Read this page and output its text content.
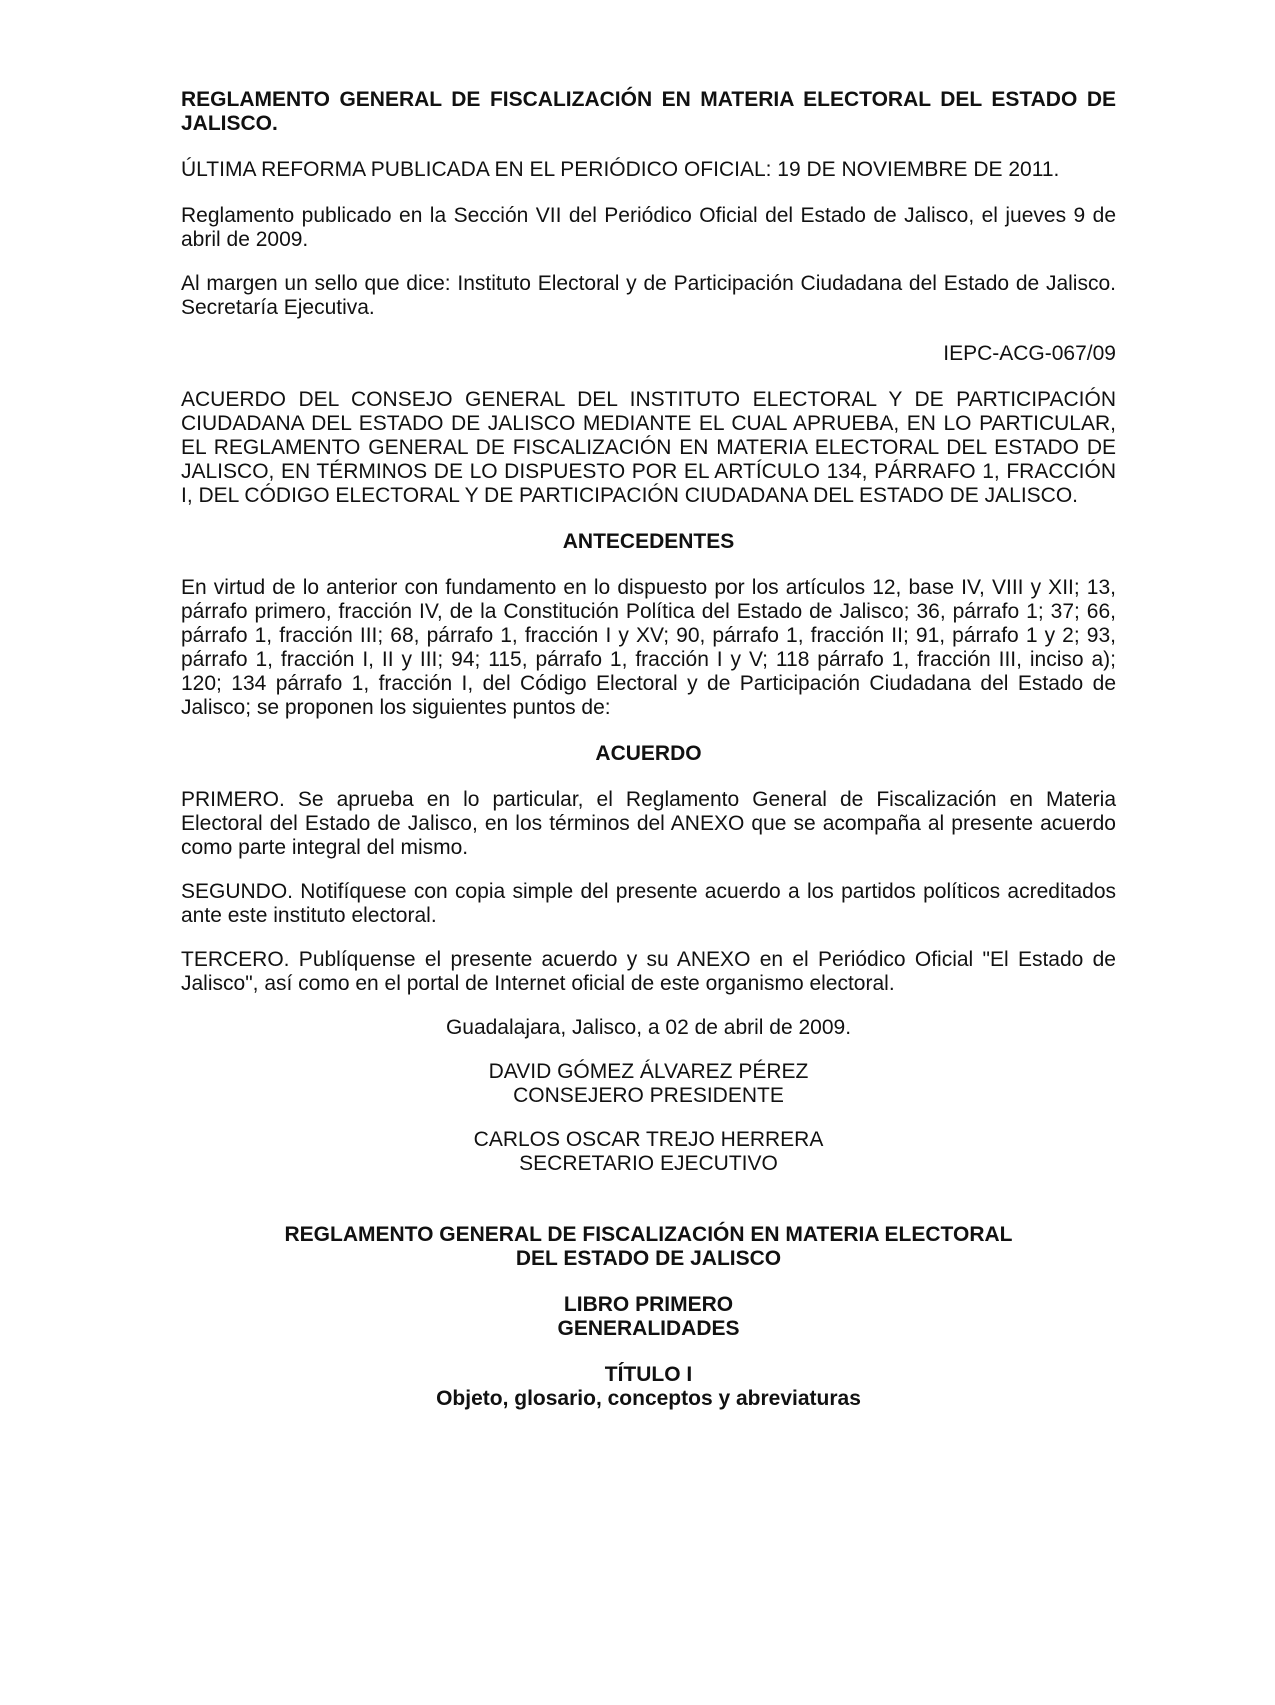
REGLAMENTO GENERAL DE FISCALIZACIÓN EN MATERIA ELECTORAL DEL ESTADO DE JALISCO.

ÚLTIMA REFORMA PUBLICADA EN EL PERIÓDICO OFICIAL: 19 DE NOVIEMBRE DE 2011.

Reglamento publicado en la Sección VII del Periódico Oficial del Estado de Jalisco, el jueves 9 de abril de 2009.

Al margen un sello que dice: Instituto Electoral y de Participación Ciudadana del Estado de Jalisco. Secretaría Ejecutiva.

IEPC-ACG-067/09

ACUERDO DEL CONSEJO GENERAL DEL INSTITUTO ELECTORAL Y DE PARTICIPACIÓN CIUDADANA DEL ESTADO DE JALISCO MEDIANTE EL CUAL APRUEBA, EN LO PARTICULAR, EL REGLAMENTO GENERAL DE FISCALIZACIÓN EN MATERIA ELECTORAL DEL ESTADO DE JALISCO, EN TÉRMINOS DE LO DISPUESTO POR EL ARTÍCULO 134, PÁRRAFO 1, FRACCIÓN I, DEL CÓDIGO ELECTORAL Y DE PARTICIPACIÓN CIUDADANA DEL ESTADO DE JALISCO.

ANTECEDENTES

En virtud de lo anterior con fundamento en lo dispuesto por los artículos 12, base IV, VIII y XII; 13, párrafo primero, fracción IV, de la Constitución Política del Estado de Jalisco; 36, párrafo 1; 37; 66, párrafo 1, fracción III; 68, párrafo 1, fracción I y XV; 90, párrafo 1, fracción II; 91, párrafo 1 y 2; 93, párrafo 1, fracción I, II y III; 94; 115, párrafo 1, fracción I y V; 118 párrafo 1, fracción III, inciso a); 120; 134 párrafo 1, fracción I, del Código Electoral y de Participación Ciudadana del Estado de Jalisco; se proponen los siguientes puntos de:

ACUERDO

PRIMERO. Se aprueba en lo particular, el Reglamento General de Fiscalización en Materia Electoral del Estado de Jalisco, en los términos del ANEXO que se acompaña al presente acuerdo como parte integral del mismo.

SEGUNDO. Notifíquese con copia simple del presente acuerdo a los partidos políticos acreditados ante este instituto electoral.

TERCERO. Publíquense el presente acuerdo y su ANEXO en el Periódico Oficial "El Estado de Jalisco", así como en el portal de Internet oficial de este organismo electoral.

Guadalajara, Jalisco, a 02 de abril de 2009.

DAVID GÓMEZ ÁLVAREZ PÉREZ

CONSEJERO PRESIDENTE

CARLOS OSCAR TREJO HERRERA

SECRETARIO EJECUTIVO

REGLAMENTO GENERAL DE FISCALIZACIÓN EN MATERIA ELECTORAL

DEL ESTADO DE JALISCO

LIBRO PRIMERO

GENERALIDADES

TÍTULO I

Objeto, glosario, conceptos y abreviaturas
